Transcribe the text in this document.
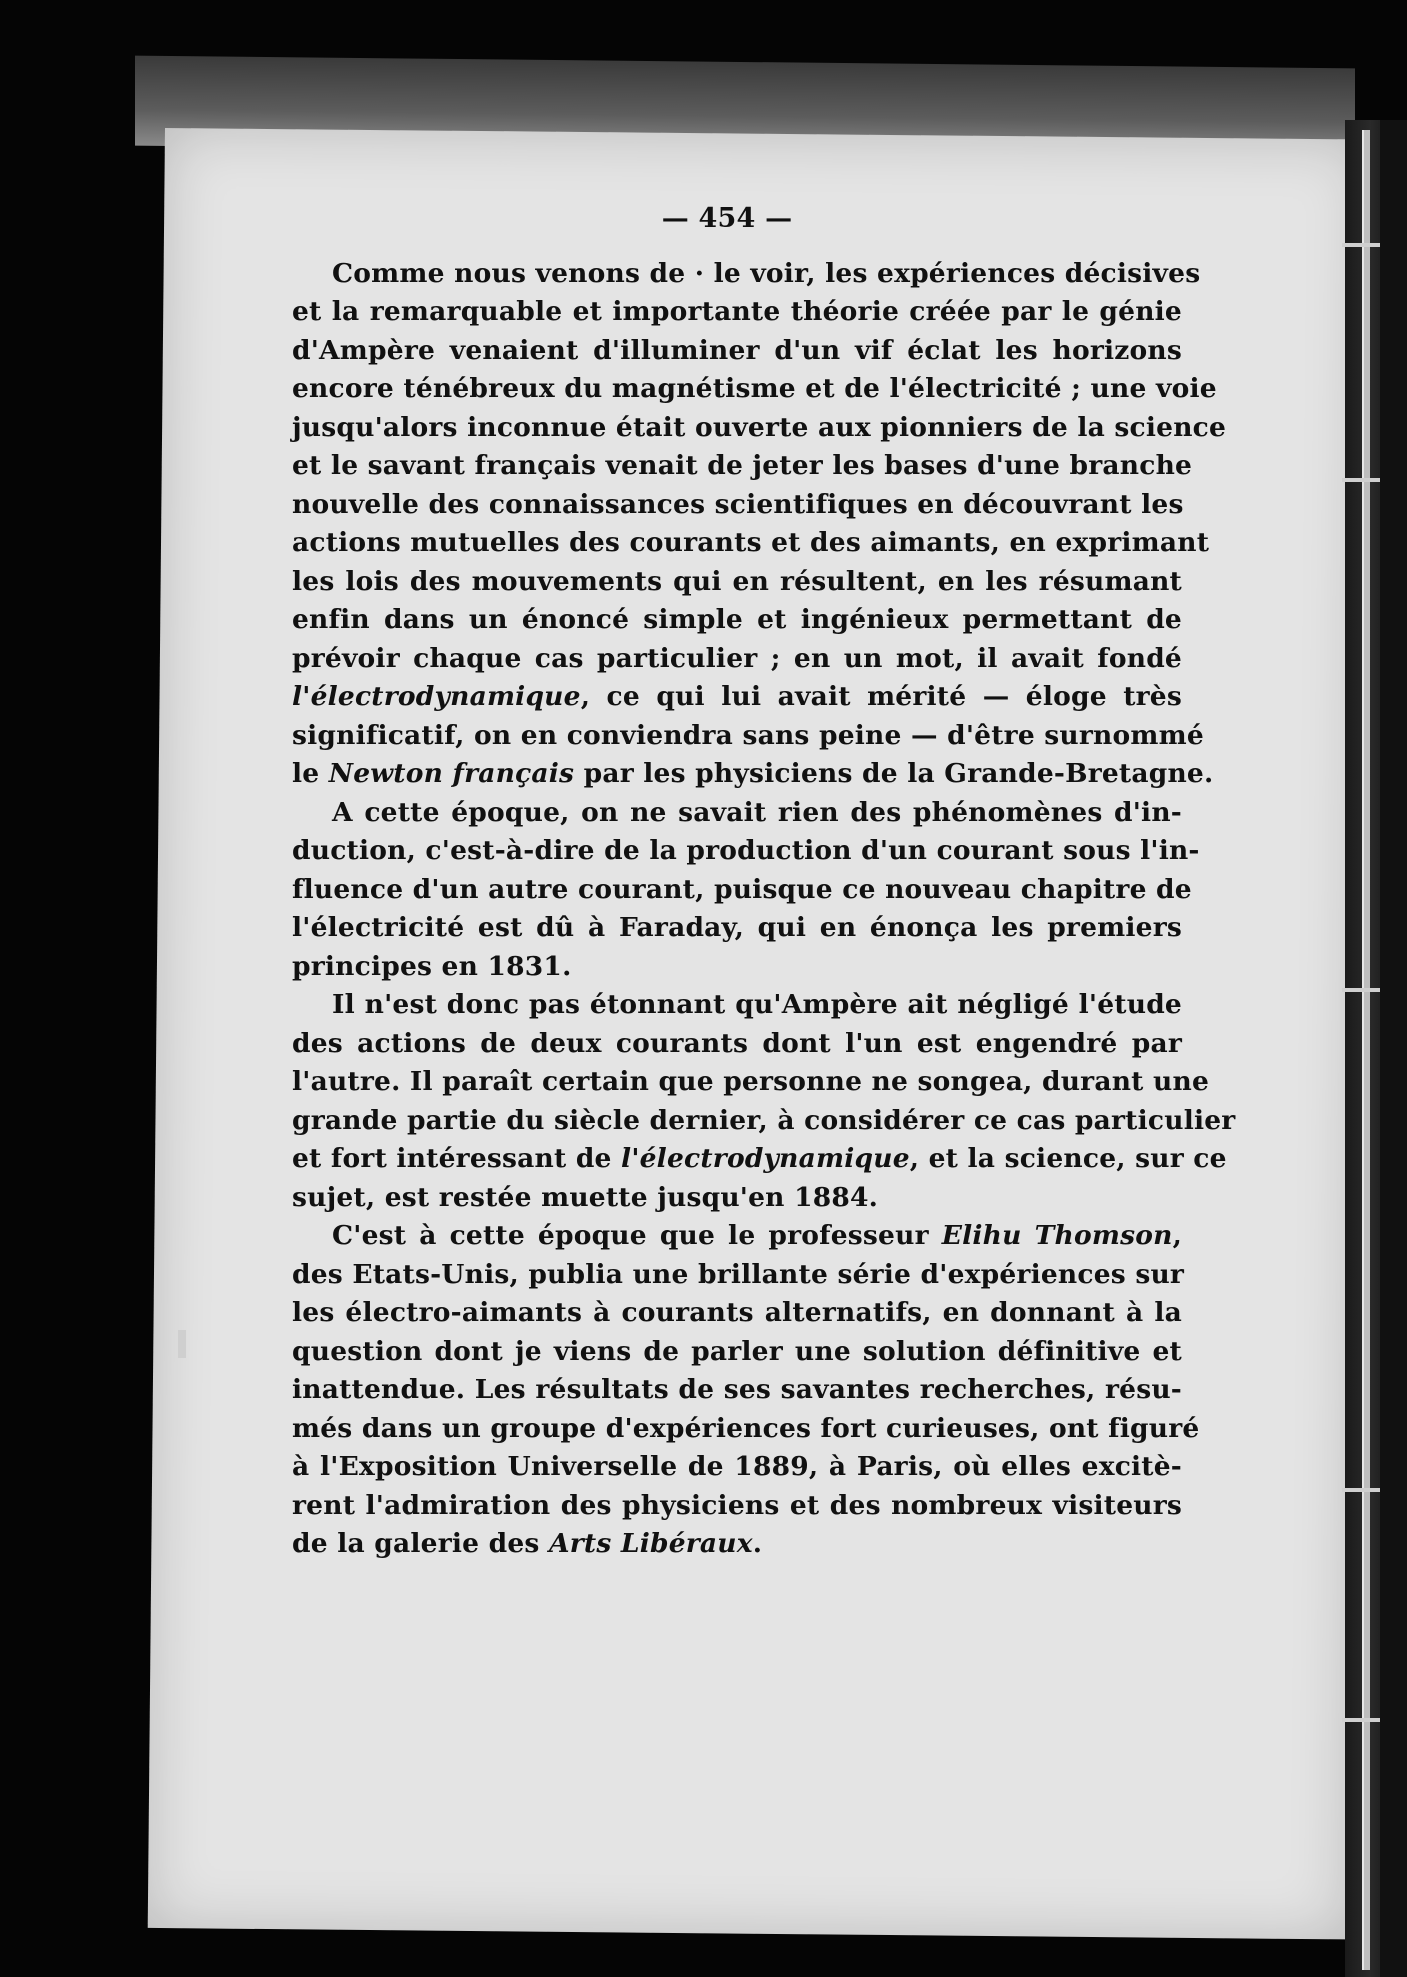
— 454 —
Comme nous venons de · le voir, les expériences décisives
et la remarquable et importante théorie créée par le génie
d'Ampère venaient d'illuminer d'un vif éclat les horizons
encore ténébreux du magnétisme et de l'électricité ; une voie
jusqu'alors inconnue était ouverte aux pionniers de la science
et le savant français venait de jeter les bases d'une branche
nouvelle des connaissances scientifiques en découvrant les
actions mutuelles des courants et des aimants, en exprimant
les lois des mouvements qui en résultent, en les résumant
enfin dans un énoncé simple et ingénieux permettant de
prévoir chaque cas particulier ; en un mot, il avait fondé
l'électrodynamique, ce qui lui avait mérité — éloge très
significatif, on en conviendra sans peine — d'être surnommé
le Newton français par les physiciens de la Grande-Bretagne.
A cette époque, on ne savait rien des phénomènes d'in-
duction, c'est-à-dire de la production d'un courant sous l'in-
fluence d'un autre courant, puisque ce nouveau chapitre de
l'électricité est dû à Faraday, qui en énonça les premiers
principes en 1831.
Il n'est donc pas étonnant qu'Ampère ait négligé l'étude
des actions de deux courants dont l'un est engendré par
l'autre. Il paraît certain que personne ne songea, durant une
grande partie du siècle dernier, à considérer ce cas particulier
et fort intéressant de l'électrodynamique, et la science, sur ce
sujet, est restée muette jusqu'en 1884.
C'est à cette époque que le professeur Elihu Thomson,
des Etats-Unis, publia une brillante série d'expériences sur
les électro-aimants à courants alternatifs, en donnant à la
question dont je viens de parler une solution définitive et
inattendue. Les résultats de ses savantes recherches, résu-
més dans un groupe d'expériences fort curieuses, ont figuré
à l'Exposition Universelle de 1889, à Paris, où elles excitè-
rent l'admiration des physiciens et des nombreux visiteurs
de la galerie des Arts Libéraux.
